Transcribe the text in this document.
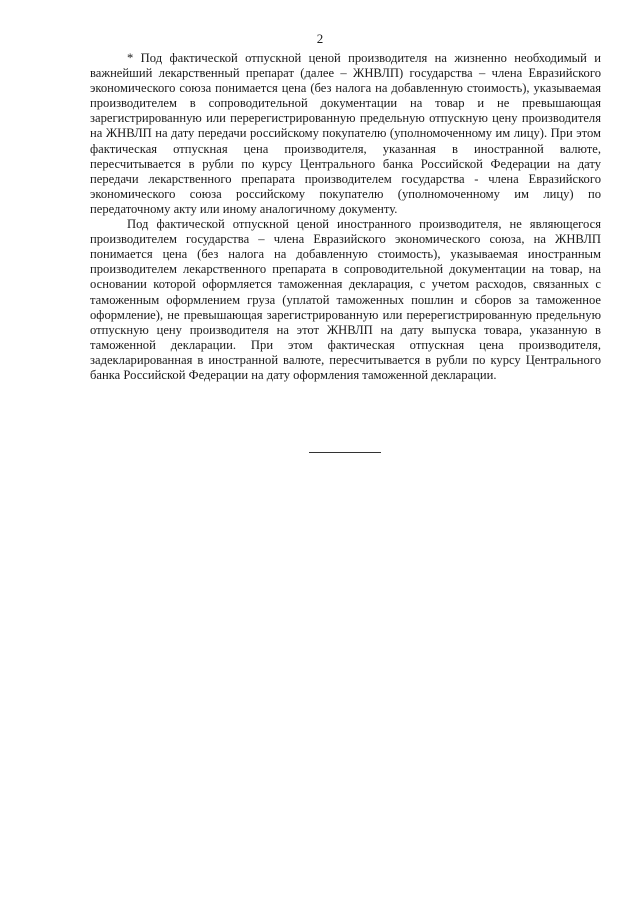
2

* Под фактической отпускной ценой производителя на жизненно необходимый и важнейший лекарственный препарат (далее – ЖНВЛП) государства – члена Евразийского экономического союза понимается цена (без налога на добавленную стоимость), указываемая производителем в сопроводительной документации на товар и не превышающая зарегистрированную или перерегистрированную предельную отпускную цену производителя на ЖНВЛП на дату передачи российскому покупателю (уполномоченному им лицу). При этом фактическая отпускная цена производителя, указанная в иностранной валюте, пересчитывается в рубли по курсу Центрального банка Российской Федерации на дату передачи лекарственного препарата производителем государства - члена Евразийского экономического союза российскому покупателю (уполномоченному им лицу) по передаточному акту или иному аналогичному документу.

Под фактической отпускной ценой иностранного производителя, не являющегося производителем государства – члена Евразийского экономического союза, на ЖНВЛП понимается цена (без налога на добавленную стоимость), указываемая иностранным производителем лекарственного препарата в сопроводительной документации на товар, на основании которой оформляется таможенная декларация, с учетом расходов, связанных с таможенным оформлением груза (уплатой таможенных пошлин и сборов за таможенное оформление), не превышающая зарегистрированную или перерегистрированную предельную отпускную цену производителя на этот ЖНВЛП на дату выпуска товара, указанную в таможенной декларации. При этом фактическая отпускная цена производителя, задекларированная в иностранной валюте, пересчитывается в рубли по курсу Центрального банка Российской Федерации на дату оформления таможенной декларации.
